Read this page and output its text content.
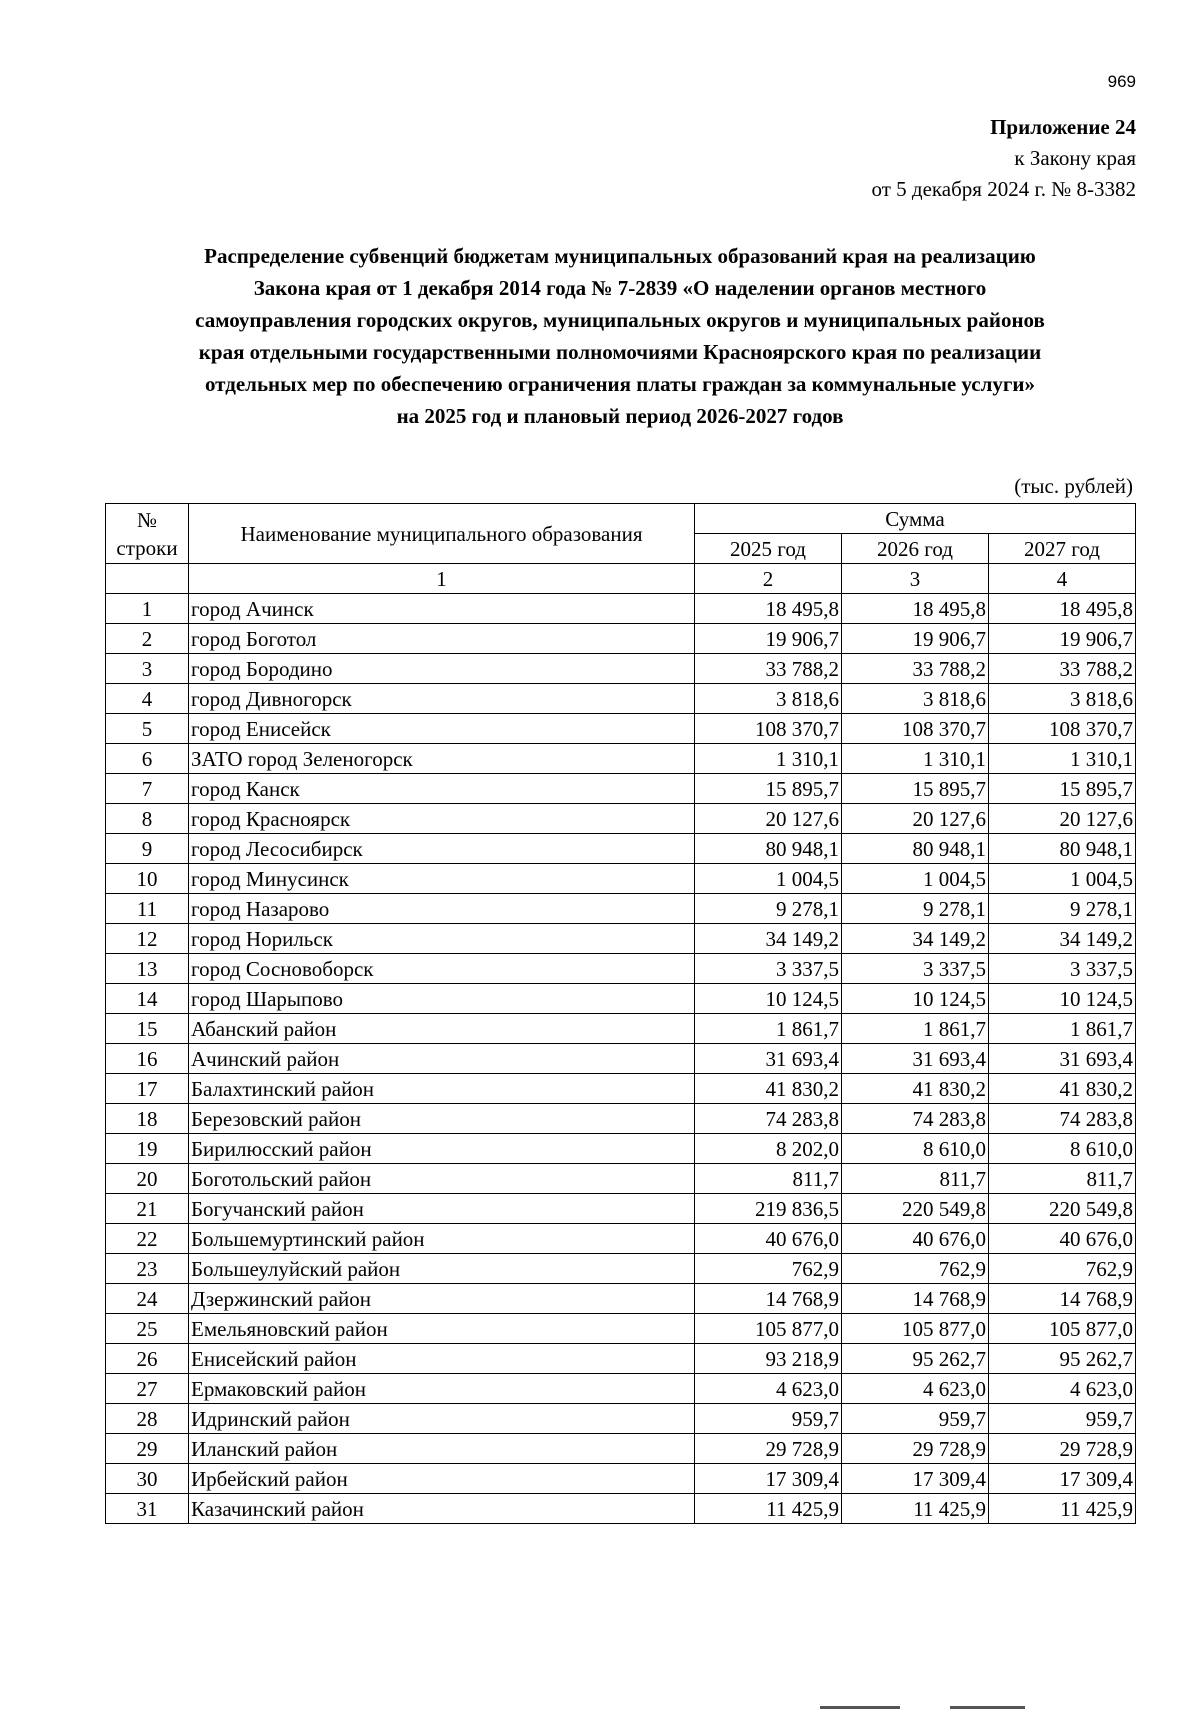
969
Приложение 24
к Закону края
от 5 декабря 2024 г. № 8-3382
Распределение субвенций бюджетам муниципальных образований края на реализацию
Закона края от 1 декабря 2014 года № 7-2839 «О наделении органов местного
самоуправления городских округов, муниципальных округов и муниципальных районов
края отдельными государственными полномочиями Красноярского края по реализации
отдельных мер по обеспечению ограничения платы граждан за коммунальные услуги»
на 2025 год и плановый период 2026-2027 годов
(тыс. рублей)
№
строки	Наименование муниципального образования	Сумма		
		2025 год	2026 год	2027 год
	1	2	3	4
1	город Ачинск	18 495,8	18 495,8	18 495,8
2	город Боготол	19 906,7	19 906,7	19 906,7
3	город Бородино	33 788,2	33 788,2	33 788,2
4	город Дивногорск	3 818,6	3 818,6	3 818,6
5	город Енисейск	108 370,7	108 370,7	108 370,7
6	ЗАТО город Зеленогорск	1 310,1	1 310,1	1 310,1
7	город Канск	15 895,7	15 895,7	15 895,7
8	город Красноярск	20 127,6	20 127,6	20 127,6
9	город Лесосибирск	80 948,1	80 948,1	80 948,1
10	город Минусинск	1 004,5	1 004,5	1 004,5
11	город Назарово	9 278,1	9 278,1	9 278,1
12	город Норильск	34 149,2	34 149,2	34 149,2
13	город Сосновоборск	3 337,5	3 337,5	3 337,5
14	город Шарыпово	10 124,5	10 124,5	10 124,5
15	Абанский район	1 861,7	1 861,7	1 861,7
16	Ачинский район	31 693,4	31 693,4	31 693,4
17	Балахтинский район	41 830,2	41 830,2	41 830,2
18	Березовский район	74 283,8	74 283,8	74 283,8
19	Бирилюсский район	8 202,0	8 610,0	8 610,0
20	Боготольский район	811,7	811,7	811,7
21	Богучанский район	219 836,5	220 549,8	220 549,8
22	Большемуртинский район	40 676,0	40 676,0	40 676,0
23	Большеулуйский район	762,9	762,9	762,9
24	Дзержинский район	14 768,9	14 768,9	14 768,9
25	Емельяновский район	105 877,0	105 877,0	105 877,0
26	Енисейский район	93 218,9	95 262,7	95 262,7
27	Ермаковский район	4 623,0	4 623,0	4 623,0
28	Идринский район	959,7	959,7	959,7
29	Иланский район	29 728,9	29 728,9	29 728,9
30	Ирбейский район	17 309,4	17 309,4	17 309,4
31	Казачинский район	11 425,9	11 425,9	11 425,9
